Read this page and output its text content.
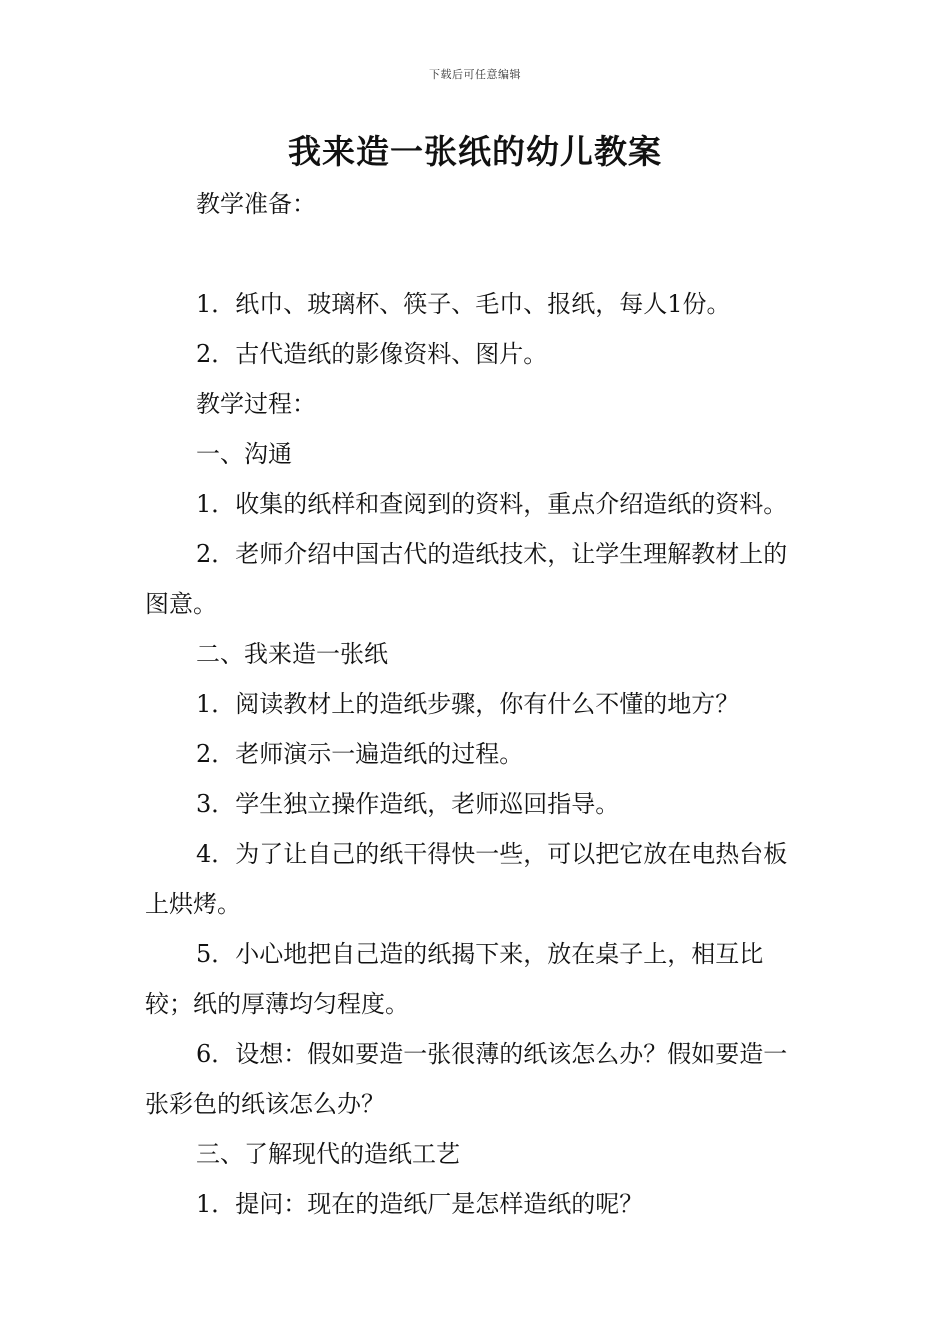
下载后可任意编辑
我来造一张纸的幼儿教案

教学准备：

1．纸巾、玻璃杯、筷子、毛巾、报纸，每人1份。

2．古代造纸的影像资料、图片。

教学过程：

一、沟通

1．收集的纸样和查阅到的资料，重点介绍造纸的资料。

2．老师介绍中国古代的造纸技术，让学生理解教材上的图意。

二、我来造一张纸

1．阅读教材上的造纸步骤，你有什么不懂的地方？

2．老师演示一遍造纸的过程。

3．学生独立操作造纸，老师巡回指导。

4．为了让自己的纸干得快一些，可以把它放在电热台板上烘烤。

5．小心地把自己造的纸揭下来，放在桌子上，相互比较；纸的厚薄均匀程度。

6．设想：假如要造一张很薄的纸该怎么办？假如要造一张彩色的纸该怎么办？

三、了解现代的造纸工艺

1．提问：现在的造纸厂是怎样造纸的呢？
